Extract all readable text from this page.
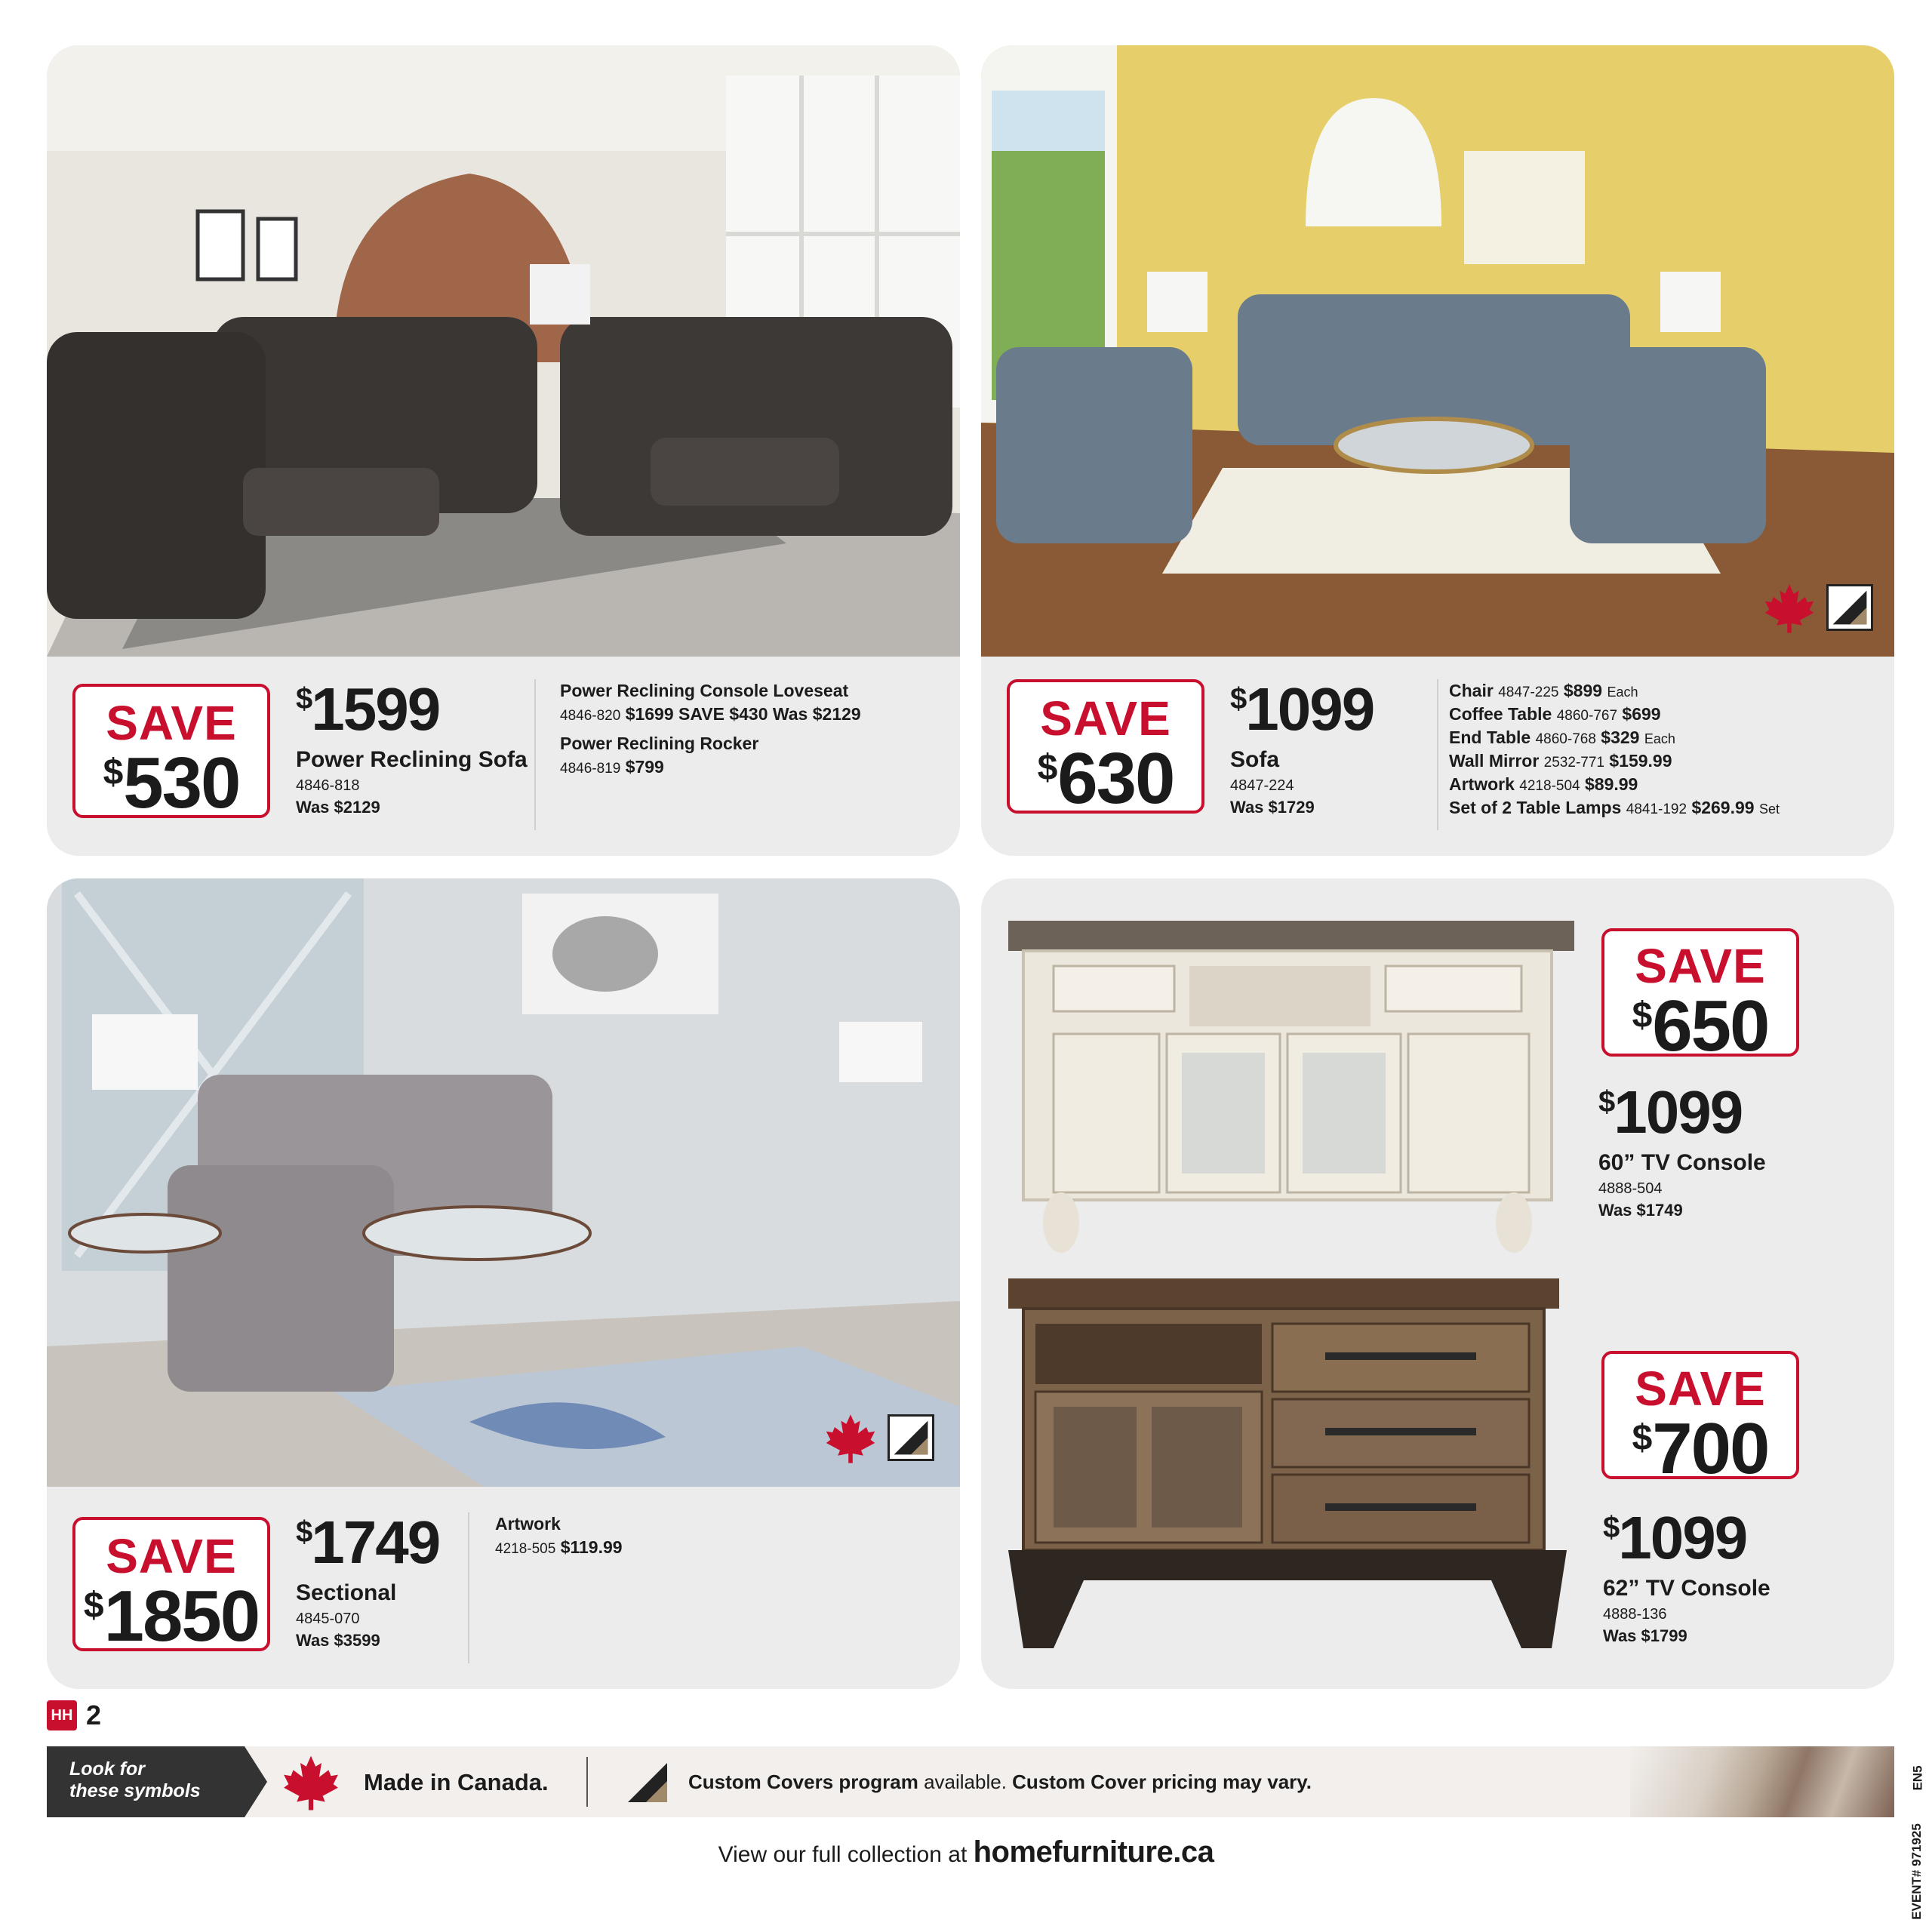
SAVE
$530
$1599
Power Reclining Sofa
4846-818
Was $2129
Power Reclining Console Loveseat
4846-820 $1699 SAVE $430 Was $2129
Power Reclining Rocker
4846-819 $799
SAVE
$630
$1099
Sofa
4847-224
Was $1729
Chair 4847-225 $899 Each
Coffee Table 4860-767 $699
End Table 4860-768 $329 Each
Wall Mirror 2532-771 $159.99
Artwork 4218-504 $89.99
Set of 2 Table Lamps 4841-192 $269.99 Set
SAVE
$1850
$1749
Sectional
4845-070
Was $3599
Artwork
4218-505 $119.99
SAVE
$650
$1099
60” TV Console
4888-504
Was $1749
SAVE
$700
$1099
62” TV Console
4888-136
Was $1799
HH 2
Look for
these symbols	Made in Canada.	Custom Covers program available. Custom Cover pricing may vary.
View our full collection at homefurniture.ca
EN5
EVENT# 971925
